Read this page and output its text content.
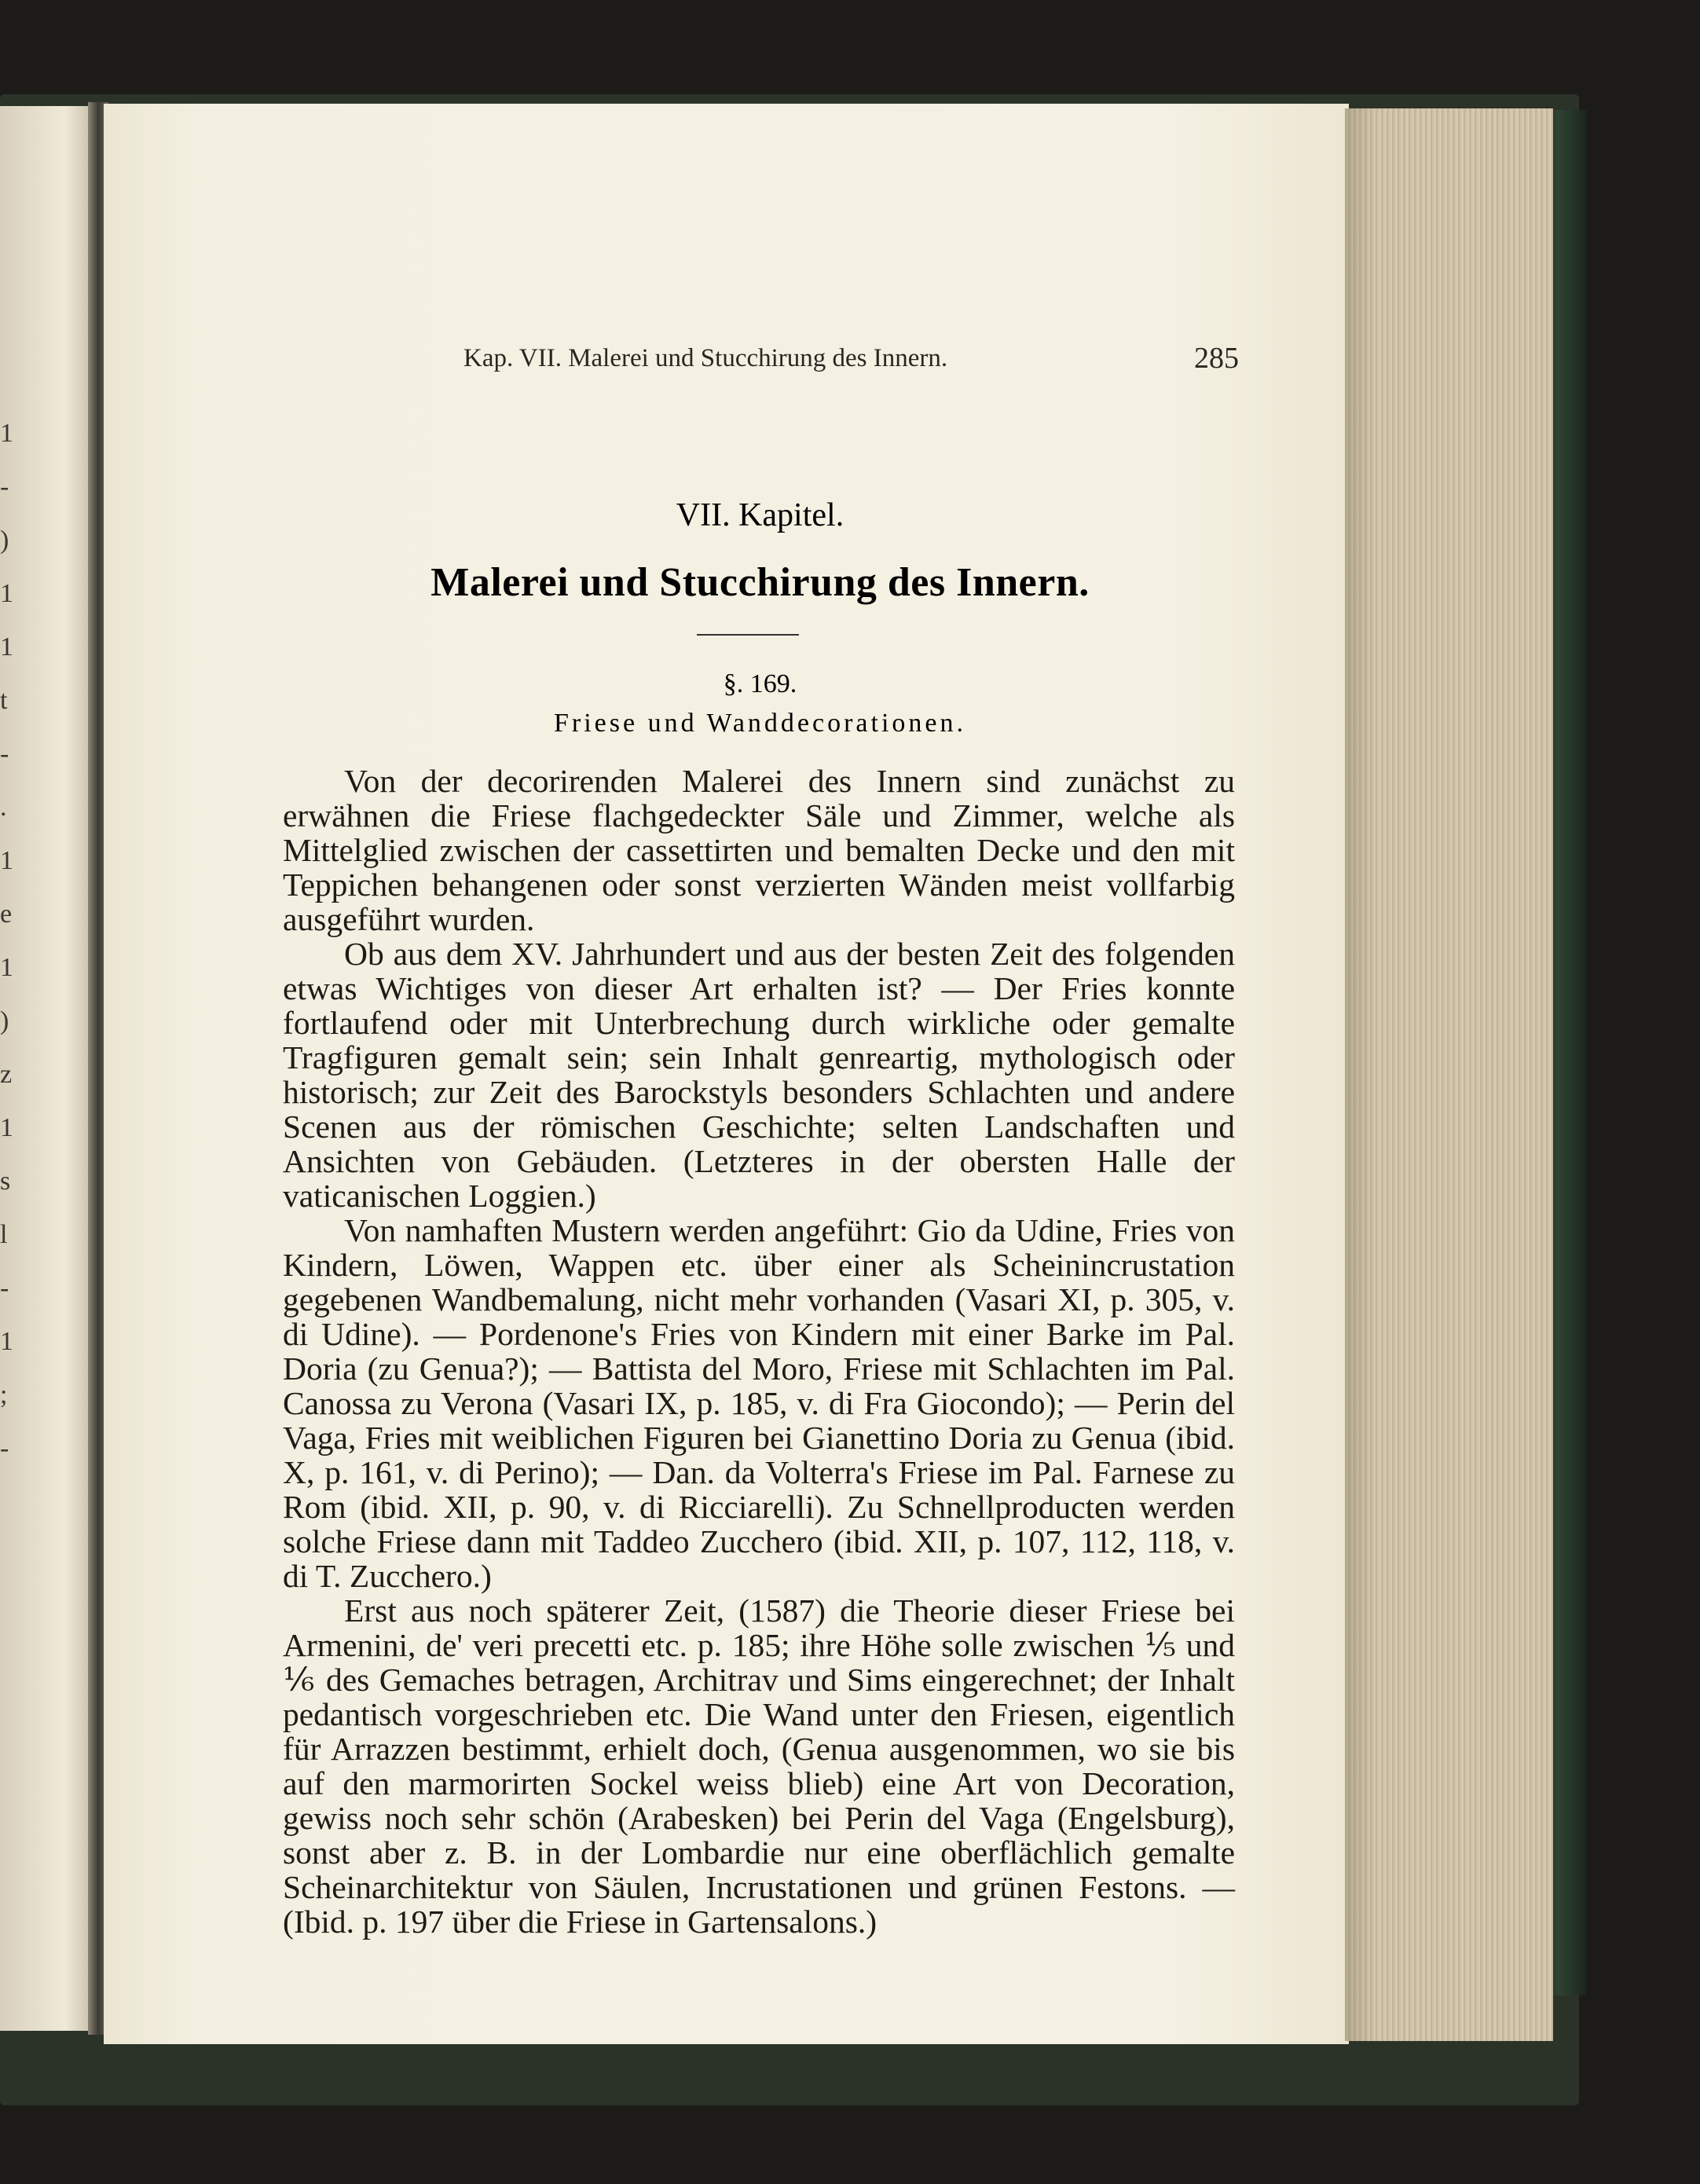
1
-
)
1
1
t
-
.
1
e
1
)
z
1
s
l
-
1
;
-
Kap. VII. Malerei und Stucchirung des Innern.	285
VII. Kapitel.
Malerei und Stucchirung des Innern.
§. 169.
Friese und Wanddecorationen.

Von der decorirenden Malerei des Innern sind zunächst zu erwähnen die Friese flachgedeckter Säle und Zimmer, welche als Mittelglied zwischen der cassettirten und bemalten Decke und den mit Teppichen behangenen oder sonst verzierten Wänden meist vollfarbig ausgeführt wurden.

Ob aus dem XV. Jahrhundert und aus der besten Zeit des folgenden etwas Wichtiges von dieser Art erhalten ist? — Der Fries konnte fortlaufend oder mit Unterbrechung durch wirkliche oder gemalte Tragfiguren gemalt sein; sein Inhalt genreartig, mythologisch oder historisch; zur Zeit des Barockstyls besonders Schlachten und andere Scenen aus der römischen Geschichte; selten Landschaften und Ansichten von Gebäuden. (Letzteres in der obersten Halle der vaticanischen Loggien.)

Von namhaften Mustern werden angeführt: Gio da Udine, Fries von Kindern, Löwen, Wappen etc. über einer als Scheinincrustation gegebenen Wandbemalung, nicht mehr vorhanden (Vasari XI, p. 305, v. di Udine). — Pordenone's Fries von Kindern mit einer Barke im Pal. Doria (zu Genua?); — Battista del Moro, Friese mit Schlachten im Pal. Canossa zu Verona (Vasari IX, p. 185, v. di Fra Giocondo); — Perin del Vaga, Fries mit weiblichen Figuren bei Gianettino Doria zu Genua (ibid. X, p. 161, v. di Perino); — Dan. da Volterra's Friese im Pal. Farnese zu Rom (ibid. XII, p. 90, v. di Ricciarelli). Zu Schnellproducten werden solche Friese dann mit Taddeo Zucchero (ibid. XII, p. 107, 112, 118, v. di T. Zucchero.)

Erst aus noch späterer Zeit, (1587) die Theorie dieser Friese bei Armenini, de' veri precetti etc. p. 185; ihre Höhe solle zwischen ⅕ und ⅙ des Gemaches betragen, Architrav und Sims eingerechnet; der Inhalt pedantisch vorgeschrieben etc. Die Wand unter den Friesen, eigentlich für Arrazzen bestimmt, erhielt doch, (Genua ausgenommen, wo sie bis auf den marmorirten Sockel weiss blieb) eine Art von Decoration, gewiss noch sehr schön (Arabesken) bei Perin del Vaga (Engelsburg), sonst aber z. B. in der Lombardie nur eine oberflächlich gemalte Scheinarchitektur von Säulen, Incrustationen und grünen Festons. — (Ibid. p. 197 über die Friese in Gartensalons.)
